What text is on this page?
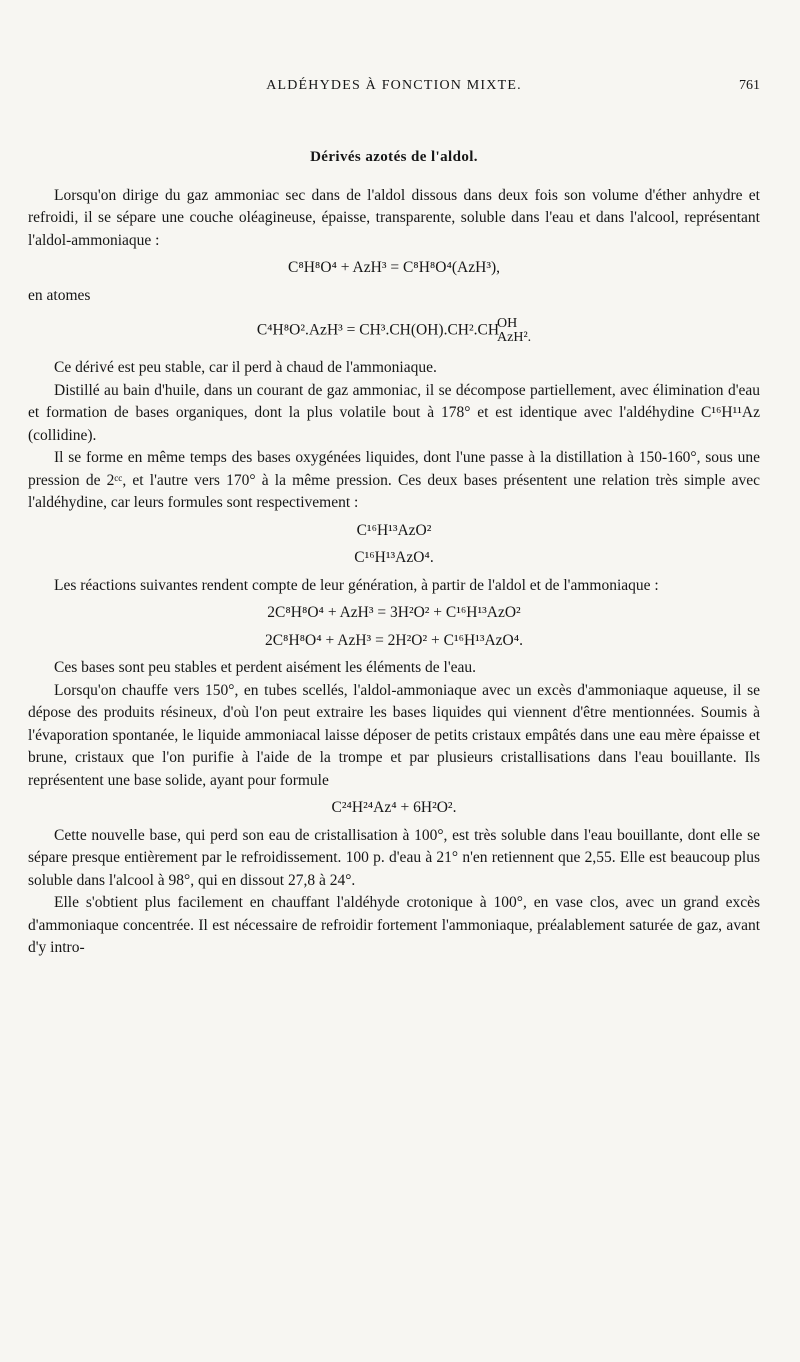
ALDÉHYDES À FONCTION MIXTE.	761
Dérivés azotés de l'aldol.

Lorsqu'on dirige du gaz ammoniac sec dans de l'aldol dissous dans deux fois son volume d'éther anhydre et refroidi, il se sépare une couche oléagineuse, épaisse, transparente, soluble dans l'eau et dans l'alcool, représentant l'aldol-ammoniaque :

C⁸H⁸O⁴ + AzH³ = C⁸H⁸O⁴(AzH³),

en atomes

C⁴H⁸O².AzH³ = CH³.CH(OH).CH².CH
OH
AzH².

Ce dérivé est peu stable, car il perd à chaud de l'ammoniaque.

Distillé au bain d'huile, dans un courant de gaz ammoniac, il se décompose partiellement, avec élimination d'eau et formation de bases organiques, dont la plus volatile bout à 178° et est identique avec l'aldéhydine C¹⁶H¹¹Az (collidine).

Il se forme en même temps des bases oxygénées liquides, dont l'une passe à la distillation à 150-160°, sous une pression de 2ᶜᶜ, et l'autre vers 170° à la même pression. Ces deux bases présentent une relation très simple avec l'aldéhydine, car leurs formules sont respectivement :

C¹⁶H¹³AzO²
C¹⁶H¹³AzO⁴.

Les réactions suivantes rendent compte de leur génération, à partir de l'aldol et de l'ammoniaque :

2C⁸H⁸O⁴ + AzH³ = 3H²O² + C¹⁶H¹³AzO²
2C⁸H⁸O⁴ + AzH³ = 2H²O² + C¹⁶H¹³AzO⁴.

Ces bases sont peu stables et perdent aisément les éléments de l'eau.

Lorsqu'on chauffe vers 150°, en tubes scellés, l'aldol-ammoniaque avec un excès d'ammoniaque aqueuse, il se dépose des produits résineux, d'où l'on peut extraire les bases liquides qui viennent d'être mentionnées. Soumis à l'évaporation spontanée, le liquide ammoniacal laisse déposer de petits cristaux empâtés dans une eau mère épaisse et brune, cristaux que l'on purifie à l'aide de la trompe et par plusieurs cristallisations dans l'eau bouillante. Ils représentent une base solide, ayant pour formule

C²⁴H²⁴Az⁴ + 6H²O².

Cette nouvelle base, qui perd son eau de cristallisation à 100°, est très soluble dans l'eau bouillante, dont elle se sépare presque entièrement par le refroidissement. 100 p. d'eau à 21° n'en retiennent que 2,55. Elle est beaucoup plus soluble dans l'alcool à 98°, qui en dissout 27,8 à 24°.

Elle s'obtient plus facilement en chauffant l'aldéhyde crotonique à 100°, en vase clos, avec un grand excès d'ammoniaque concentrée. Il est nécessaire de refroidir fortement l'ammoniaque, préalablement saturée de gaz, avant d'y intro-
